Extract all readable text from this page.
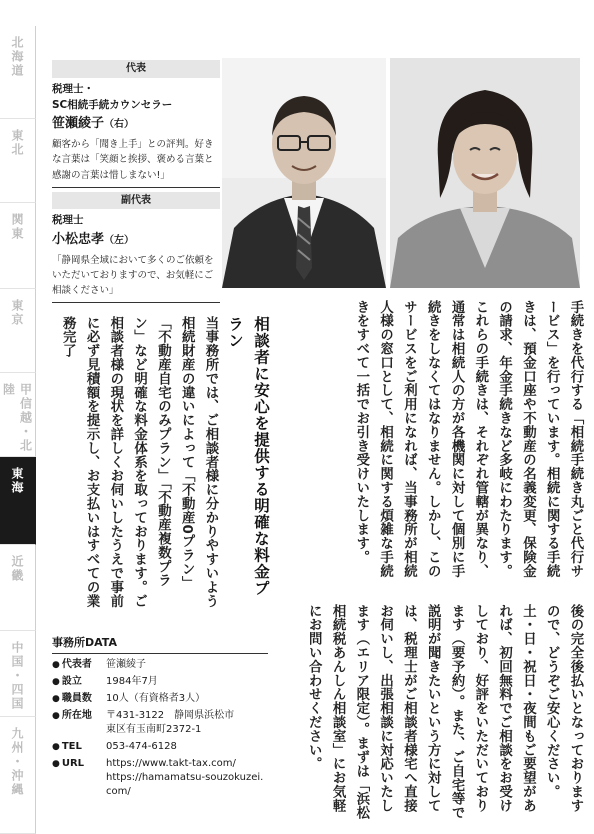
北海道
東北
関東
東京
甲信越・北陸
東海
近畿
中国・四国
九州・沖縄
代表
税理士・
SC相続手続カウンセラー
笹瀬綾子（右）
顧客から「聞き上手」との評判。好きな言葉は「笑顔と挨拶、褒める言葉と感謝の言葉は惜しまない!」
副代表
税理士
小松忠孝（左）
「静岡県全域において多くのご依頼をいただいておりますので、お気軽にご相談ください」
手続きを代行する「相続手続き丸ごと代行サービス」を行っています。相続に関する手続きは、預金口座や不動産の名義変更、保険金の請求、年金手続きなど多岐にわたります。これらの手続きは、それぞれ管轄が異なり、通常は相続人の方が各機関に対して個別に手続きをしなくてはなりません。しかし、このサービスをご利用になれば、当事務所が相続人様の窓口として、相続に関する煩雑な手続きをすべて一括でお引き受けいたします。
当事務所では、ご相談者様に分かりやすいよう相続財産の違いによって「不動産0プラン」「不動産自宅のみプラン」「不動産複数プラン」など明確な料金体系を取っております。ご相談者様の現状を詳しくお伺いしたうえで事前に必ず見積額を提示し、お支払いはすべての業務完了	相談者に安心を提供する明確な料金プラン
後の完全後払いとなっておりますので、どうぞご安心ください。土・日・祝日・夜間もご要望があれば、初回無料でご相談をお受けしており、好評をいただいております（要予約）。また、ご自宅等で説明が聞きたいという方に対しては、税理士がご相談者様宅へ直接お伺いし、出張相談に対応いたします（エリア限定）。まずは「浜松相続税あんしん相談室」にお気軽にお問い合わせください。
事務所DATA
● 代表者	笹瀬綾子
● 設立	1984年7月
● 職員数	10人（有資格者3人）
● 所在地	〒431-3122　静岡県浜松市
東区有玉南町2372-1
● TEL	053-474-6128
● URL	https://www.takt-tax.com/
https://hamamatsu-souzokuzei.
com/
